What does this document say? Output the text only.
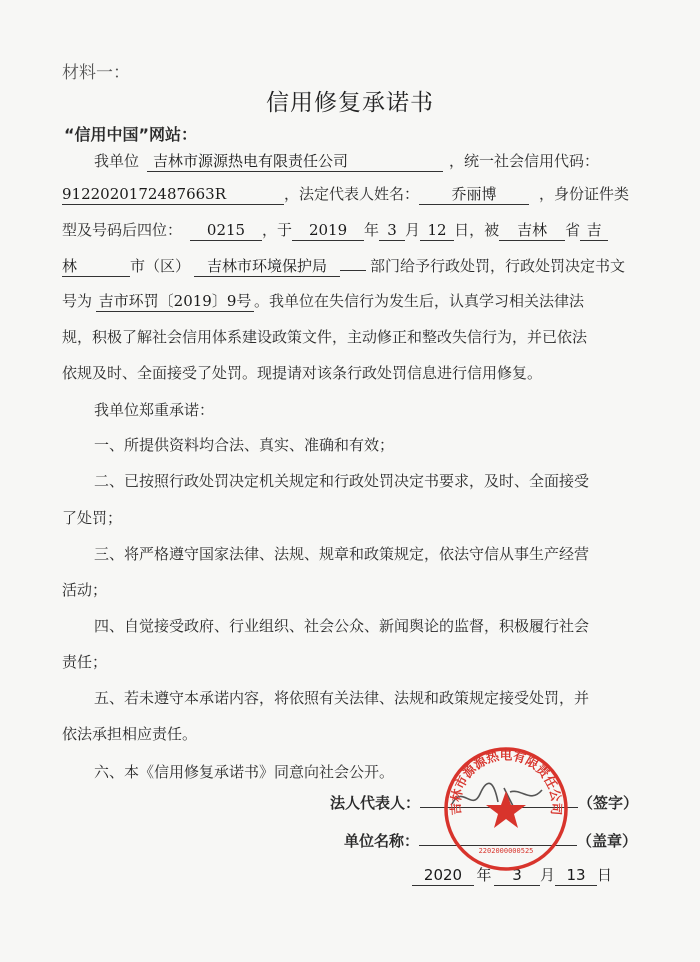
材料一：
信用修复承诺书
“信用中国”网站：
我单位 吉林市源源热电有限责任公司	，统一社会信用代码：
9122020172487663R	，法定代表人姓名： 乔丽博	，身份证件类
型及号码后四位： 0215 ，于 2019 年 3 月 12 日，被 吉林 省 吉
林	市（区） 吉林市环境保护局	部门给予行政处罚，行政处罚决定书文
号为 吉市环罚〔2019〕9号 。我单位在失信行为发生后，认真学习相关法律法
规，积极了解社会信用体系建设政策文件，主动修正和整改失信行为，并已依法
依规及时、全面接受了处罚。现提请对该条行政处罚信息进行信用修复。
我单位郑重承诺：
一、所提供资料均合法、真实、准确和有效；
二、已按照行政处罚决定机关规定和行政处罚决定书要求，及时、全面接受
了处罚；
三、将严格遵守国家法律、法规、规章和政策规定，依法守信从事生产经营
活动；
四、自觉接受政府、行业组织、社会公众、新闻舆论的监督，积极履行社会
责任；
五、若未遵守本承诺内容，将依照有关法律、法规和政策规定接受处罚，并
依法承担相应责任。
六、本《信用修复承诺书》同意向社会公开。
法人代表人：	（签字）
单位名称：	（盖章）
2020 年 3 月 13 日
吉林市源源热电有限责任公司
2202000000525
